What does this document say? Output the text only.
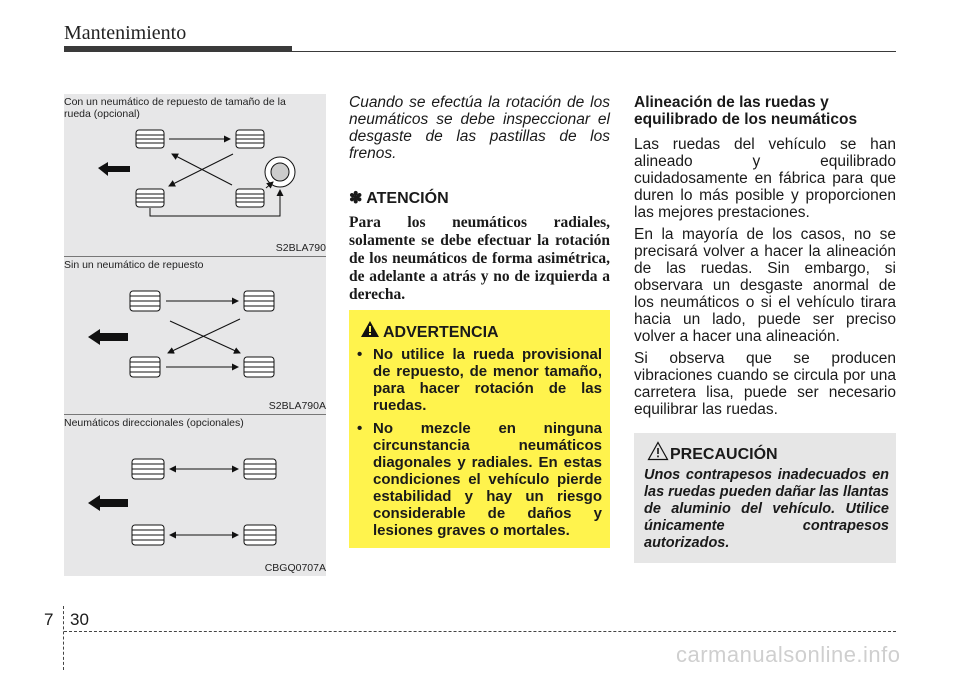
Mantenimiento
Con un neumático de repuesto de tamaño de la rueda (opcional)
S2BLA790
Sin un neumático de repuesto
S2BLA790A
Neumáticos direccionales (opcionales)
CBGQ0707A

Cuando se efectúa la rotación de los neumáticos se debe inspeccionar el desgaste de las pastillas de los frenos.

✽ ATENCIÓN

Para los neumáticos radiales, solamente se debe efectuar la rotación de los neumáticos de forma asimétrica, de adelante a atrás y no de izquierda a derecha.

ADVERTENCIA
• No utilice la rueda provisional de repuesto, de menor tamaño, para hacer rotación de las ruedas.
• No mezcle en ninguna circunstancia neumáticos diagonales y radiales. En estas condiciones el vehículo pierde estabilidad y hay un riesgo considerable de daños y lesiones graves o mortales.

Alineación de las ruedas y equilibrado de los neumáticos

Las ruedas del vehículo se han alineado y equilibrado cuidadosamente en fábrica para que duren lo más posible y proporcionen las mejores prestaciones.

En la mayoría de los casos, no se precisará volver a hacer la alineación de las ruedas. Sin embargo, si observara un desgaste anormal de los neumáticos o si el vehículo tirara hacia un lado, puede ser preciso volver a hacer una alineación.

Si observa que se producen vibraciones cuando se circula por una carretera lisa, puede ser necesario equilibrar las ruedas.

PRECAUCIÓN

Unos contrapesos inadecuados en las ruedas pueden dañar las llantas de aluminio del vehículo. Utilice únicamente contrapesos autorizados.

7 30
carmanualsonline.info
